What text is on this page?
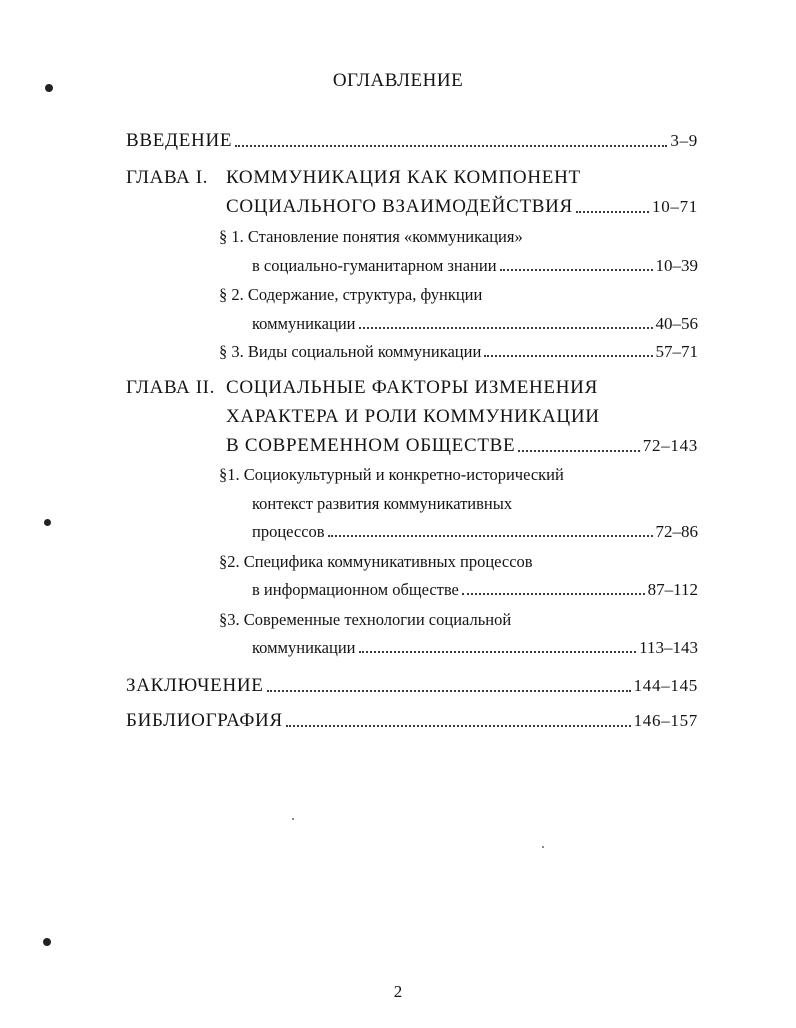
ОГЛАВЛЕНИЕ
ВВЕДЕНИЕ	3–9
ГЛАВА I. КОММУНИКАЦИЯ КАК КОМПОНЕНТ
СОЦИАЛЬНОГО ВЗАИМОДЕЙСТВИЯ	10–71
§ 1. Становление понятия «коммуникация»
в социально-гуманитарном знании	10–39
§ 2. Содержание, структура, функции
коммуникации	40–56
§ 3. Виды социальной коммуникации	57–71
ГЛАВА II. СОЦИАЛЬНЫЕ ФАКТОРЫ ИЗМЕНЕНИЯ
ХАРАКТЕРА И РОЛИ КОММУНИКАЦИИ
В СОВРЕМЕННОМ ОБЩЕСТВЕ	72–143
§1. Социокультурный и конкретно-исторический
контекст развития коммуникативных
процессов	72–86
§2. Специфика коммуникативных процессов
в информационном обществе	87–112
§3. Современные технологии социальной
коммуникации	113–143
ЗАКЛЮЧЕНИЕ	144–145
БИБЛИОГРАФИЯ	146–157
2
